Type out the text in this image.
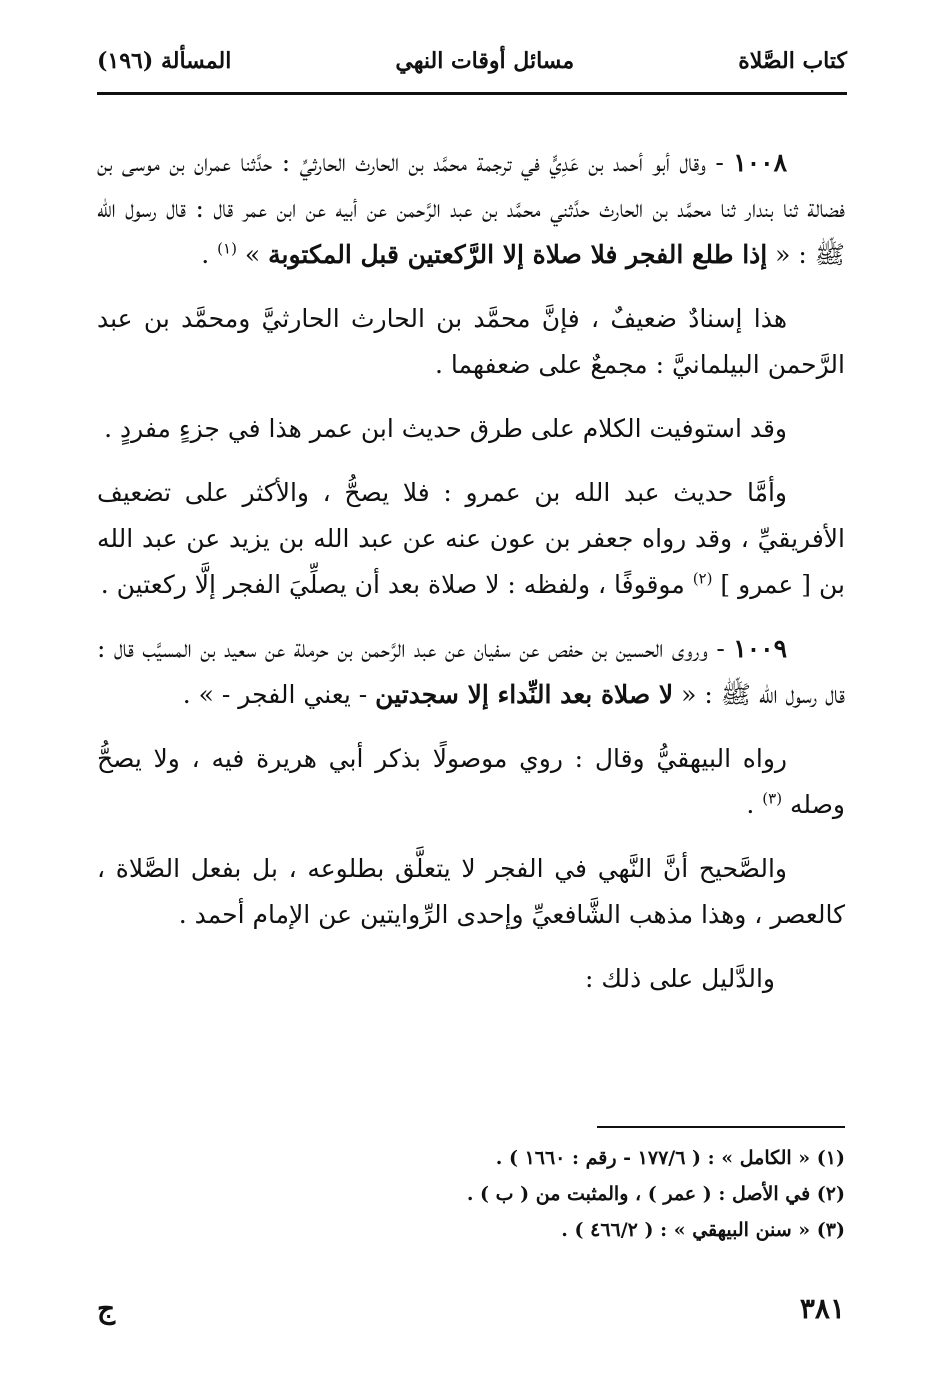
كتاب الصَّلاة
مسائل أوقات النهي
المسألة (١٩٦)

١٠٠٨ - وقال أبو أحمد بن عَدِيٍّ في ترجمة محمَّد بن الحارث الحارثيِّ : حدَّثنا عمران بن موسى بن فضالة ثنا بندار ثنا محمَّد بن الحارث حدَّثني محمَّد بن عبد الرَّحمن عن أبيه عن ابن عمر قال : قال رسول الله ﷺ : « إذا طلع الفجر فلا صلاة إلا الرَّكعتين قبل المكتوبة » $^{(١)}$ .

هذا إسنادٌ ضعيفٌ ، فإنَّ محمَّد بن الحارث الحارثيَّ ومحمَّد بن عبد الرَّحمن البيلمانيَّ : مجمعٌ على ضعفهما .

وقد استوفيت الكلام على طرق حديث ابن عمر هذا في جزءٍ مفردٍ .

وأمَّا حديث عبد الله بن عمرو : فلا يصحُّ ، والأكثر على تضعيف الأفريقيِّ ، وقد رواه جعفر بن عون عنه عن عبد الله بن يزيد عن عبد الله بن [ عمرو ] $^{(٢)}$ موقوفًا ، ولفظه : لا صلاة بعد أن يصلِّيَ الفجر إلَّا ركعتين .

١٠٠٩ - وروى الحسين بن حفص عن سفيان عن عبد الرَّحمن بن حرملة عن سعيد بن المسيَّب قال : قال رسول الله ﷺ : « لا صلاة بعد النِّداء إلا سجدتين - يعني الفجر - » .

رواه البيهقيُّ وقال : روي موصولًا بذكر أبي هريرة فيه ، ولا يصحُّ وصله $^{(٣)}$ .

والصَّحيح أنَّ النَّهي في الفجر لا يتعلَّق بطلوعه ، بل بفعل الصَّلاة ، كالعصر ، وهذا مذهب الشَّافعيِّ وإحدى الرِّوايتين عن الإمام أحمد .

والدَّليل على ذلك :

(١) « الكامل » : ( ١٧٧/٦ - رقم : ١٦٦٠ ) .

(٢) في الأصل : ( عمر ) ، والمثبت من ( ب ) .

(٣) « سنن البيهقي » : ( ٤٦٦/٢ ) .

٣٨١
ج
